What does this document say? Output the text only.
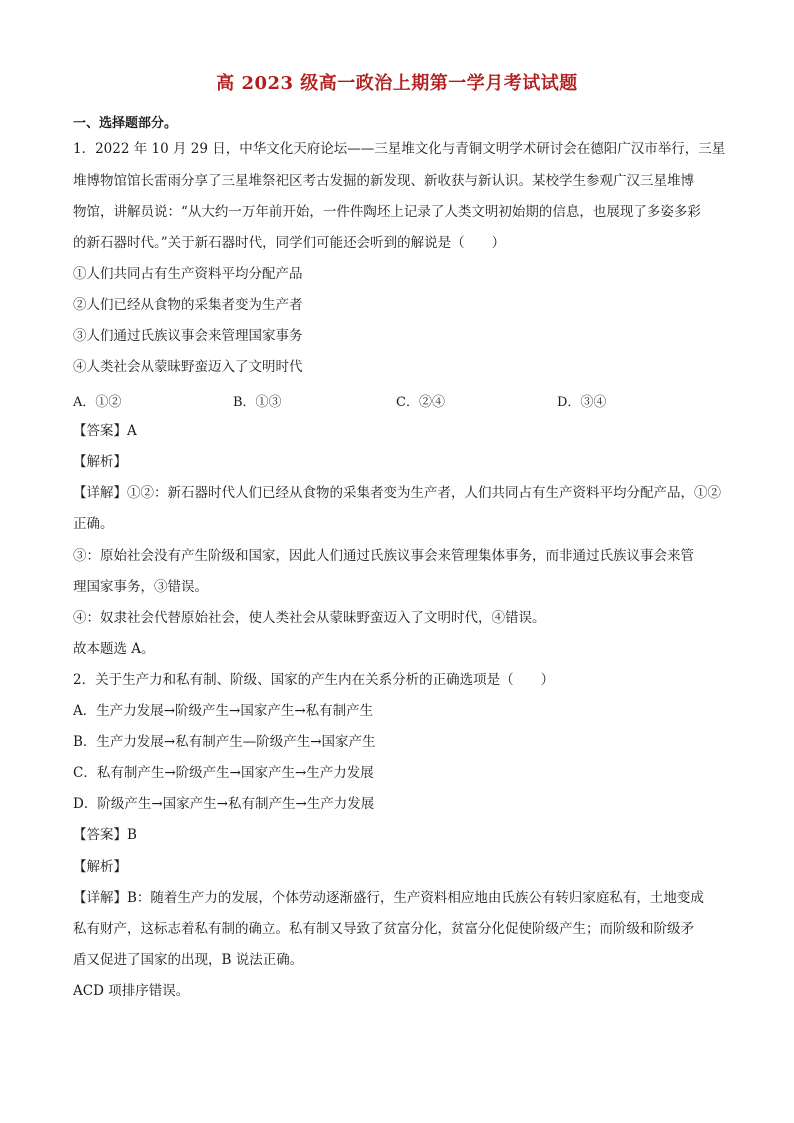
高 2023 级高一政治上期第一学月考试试题
一、选择题部分。
1．2022 年 10 月 29 日，中华文化天府论坛——三星堆文化与青铜文明学术研讨会在德阳广汉市举行，三星
堆博物馆馆长雷雨分享了三星堆祭祀区考古发掘的新发现、新收获与新认识。某校学生参观广汉三星堆博
物馆，讲解员说：“从大约一万年前开始，一件件陶坯上记录了人类文明初始期的信息，也展现了多姿多彩
的新石器时代。”关于新石器时代，同学们可能还会听到的解说是（　　）
①人们共同占有生产资料平均分配产品
②人们已经从食物的采集者变为生产者
③人们通过氏族议事会来管理国家事务
④人类社会从蒙昧野蛮迈入了文明时代
A．①②	B．①③	C．②④	D．③④
【答案】A
【解析】
【详解】①②：新石器时代人们已经从食物的采集者变为生产者，人们共同占有生产资料平均分配产品，①②
正确。
③：原始社会没有产生阶级和国家，因此人们通过氏族议事会来管理集体事务，而非通过氏族议事会来管
理国家事务，③错误。
④：奴隶社会代替原始社会，使人类社会从蒙昧野蛮迈入了文明时代，④错误。
故本题选 A。
2．关于生产力和私有制、阶级、国家的产生内在关系分析的正确选项是（　　）
A．生产力发展→阶级产生→国家产生→私有制产生
B．生产力发展→私有制产生—阶级产生→国家产生
C．私有制产生→阶级产生→国家产生→生产力发展
D．阶级产生→国家产生→私有制产生→生产力发展
【答案】B
【解析】
【详解】B：随着生产力的发展，个体劳动逐渐盛行，生产资料相应地由氏族公有转归家庭私有，土地变成
私有财产，这标志着私有制的确立。私有制又导致了贫富分化，贫富分化促使阶级产生；而阶级和阶级矛
盾又促进了国家的出现，B 说法正确。
ACD 项排序错误。
